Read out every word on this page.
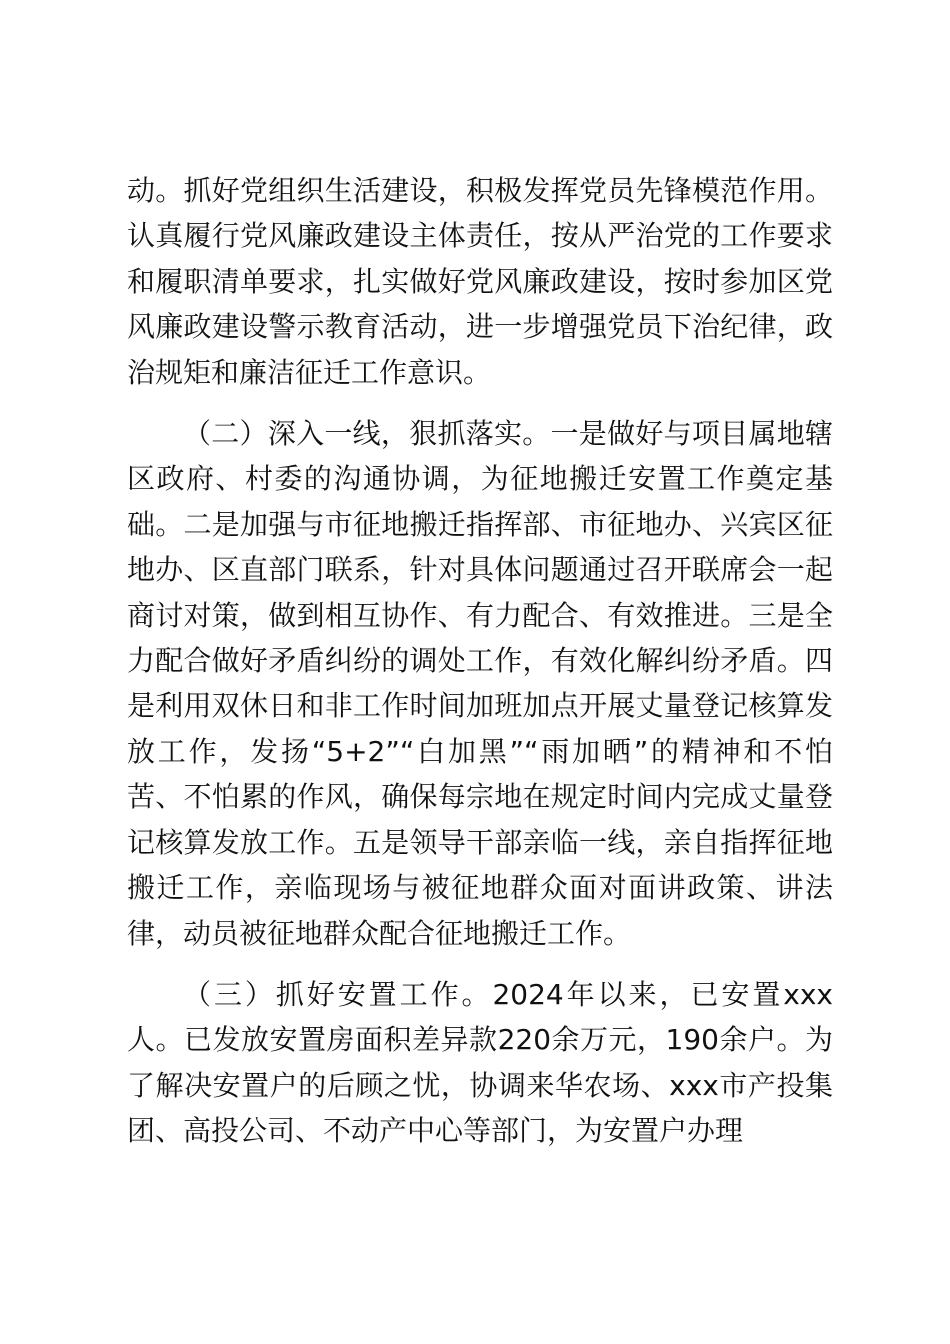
动。抓好党组织生活建设，积极发挥党员先锋模范作用。认真履行党风廉政建设主体责任，按从严治党的工作要求和履职清单要求，扎实做好党风廉政建设，按时参加区党风廉政建设警示教育活动，进一步增强党员下治纪律，政治规矩和廉洁征迁工作意识。

（二）深入一线，狠抓落实。一是做好与项目属地辖区政府、村委的沟通协调，为征地搬迁安置工作奠定基础。二是加强与市征地搬迁指挥部、市征地办、兴宾区征地办、区直部门联系，针对具体问题通过召开联席会一起商讨对策，做到相互协作、有力配合、有效推进。三是全力配合做好矛盾纠纷的调处工作，有效化解纠纷矛盾。四是利用双休日和非工作时间加班加点开展丈量登记核算发放工作，发扬“5+2”“白加黑”“雨加晒”的精神和不怕苦、不怕累的作风，确保每宗地在规定时间内完成丈量登记核算发放工作。五是领导干部亲临一线，亲自指挥征地搬迁工作，亲临现场与被征地群众面对面讲政策、讲法律，动员被征地群众配合征地搬迁工作。

（三）抓好安置工作。2024年以来，已安置xxx人。已发放安置房面积差异款220余万元，190余户。为了解决安置户的后顾之忧，协调来华农场、xxx市产投集团、高投公司、不动产中心等部门，为安置户办理
